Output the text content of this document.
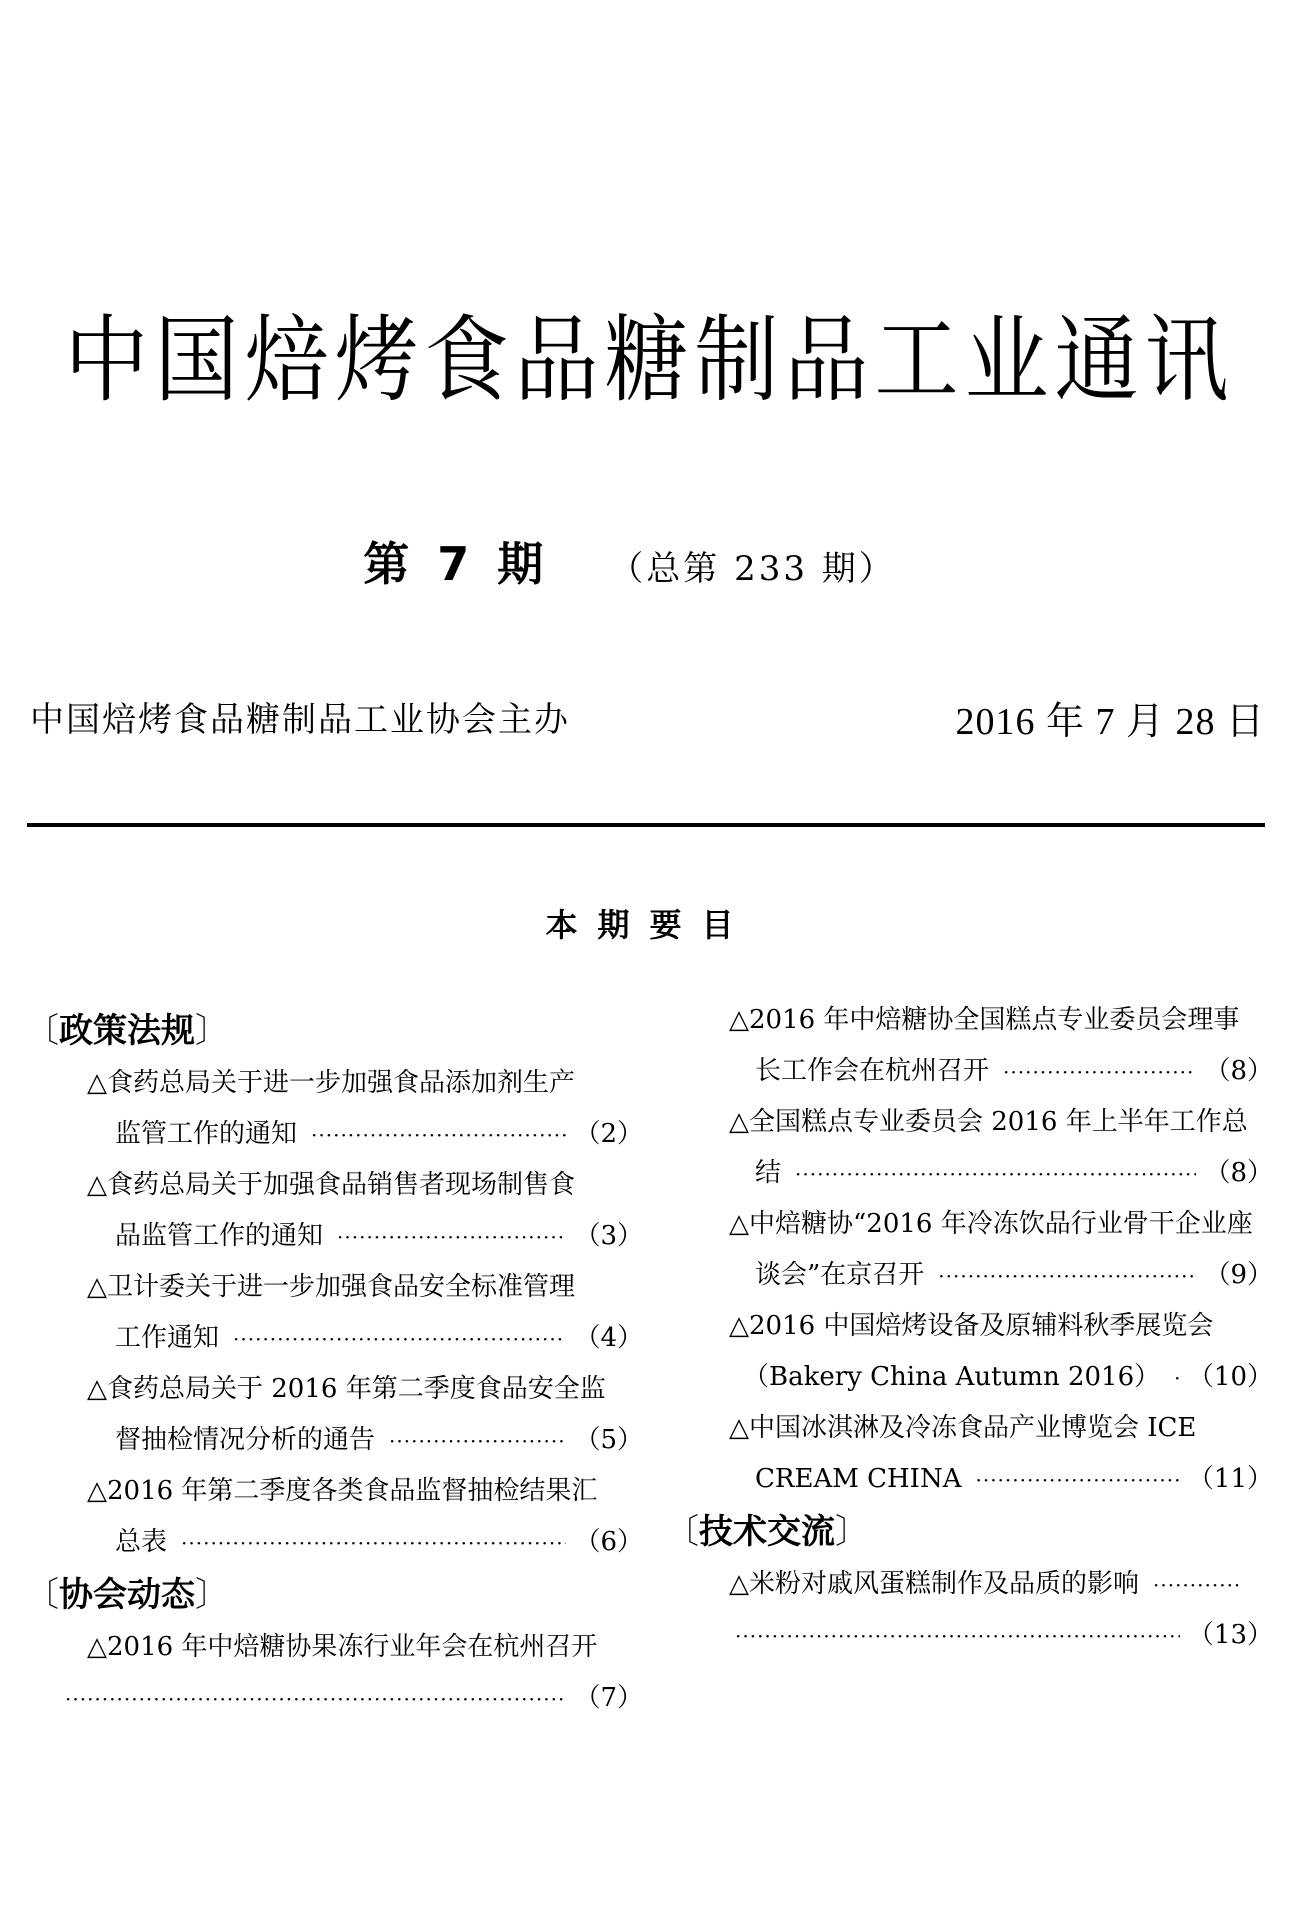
中国焙烤食品糖制品工业通讯
第 7 期 （总第 233 期）
中国焙烤食品糖制品工业协会主办	2016 年 7 月 28 日
本期要目
〔政策法规〕
△食药总局关于进一步加强食品添加剂生产
监管工作的通知 ·····	（2）
△食药总局关于加强食品销售者现场制售食
品监管工作的通知 ·····	（3）
△卫计委关于进一步加强食品安全标准管理
工作通知 ·····	（4）
△食药总局关于 2016 年第二季度食品安全监
督抽检情况分析的通告 ·····	（5）
△2016 年第二季度各类食品监督抽检结果汇
总表 ·····	（6）
〔协会动态〕
△2016 年中焙糖协果冻行业年会在杭州召开
·····
（7）
△2016 年中焙糖协全国糕点专业委员会理事
长工作会在杭州召开 ·····	（8）
△全国糕点专业委员会 2016 年上半年工作总
结 ·····	（8）
△中焙糖协“2016 年冷冻饮品行业骨干企业座
谈会”在京召开 ·····	（9）
△2016 中国焙烤设备及原辅料秋季展览会
（Bakery China Autumn 2016） ····· （10）
△中国冰淇淋及冷冻食品产业博览会 ICE
CREAM CHINA ·····	（11）
〔技术交流〕
△米粉对戚风蛋糕制作及品质的影响
·····
·····
（13）
